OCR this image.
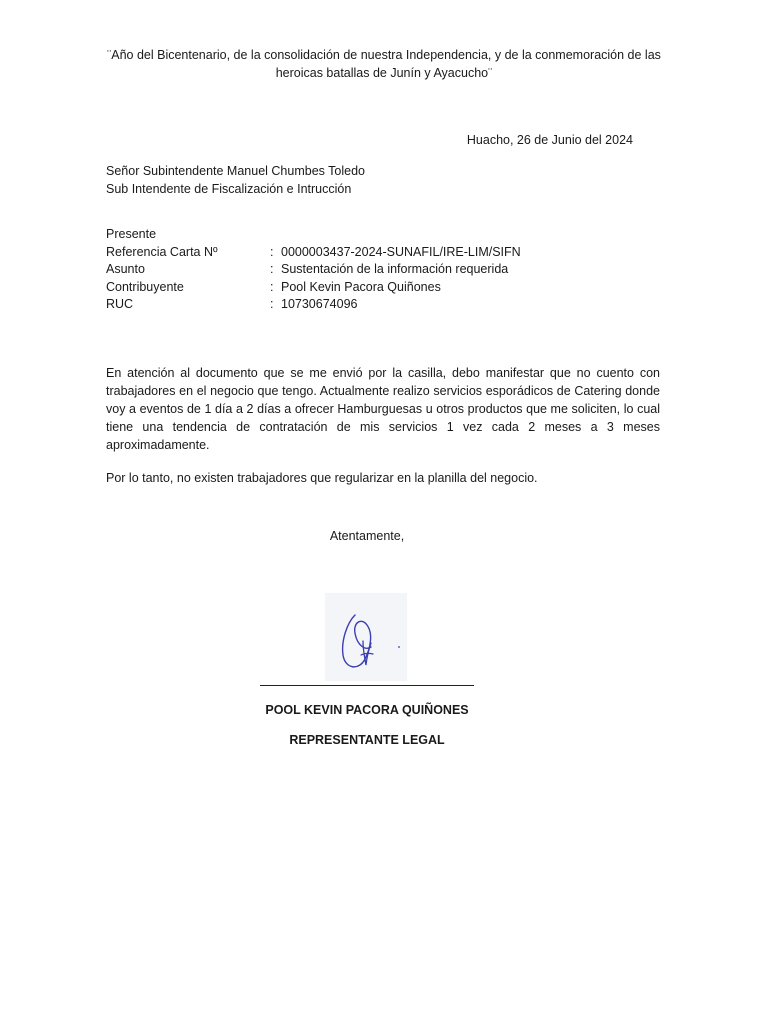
¨Año del Bicentenario, de la consolidación de nuestra Independencia, y de la conmemoración de las heroicas batallas de Junín y Ayacucho¨
Huacho, 26 de Junio del 2024
Señor Subintendente Manuel Chumbes Toledo
Sub Intendente de Fiscalización e Intrucción
Presente
Referencia Carta Nº	: 0000003437-2024-SUNAFIL/IRE-LIM/SIFN
Asunto	: Sustentación de la información requerida
Contribuyente	: Pool Kevin Pacora Quiñones
RUC	: 10730674096
En atención al documento que se me envió por la casilla, debo manifestar que no cuento con trabajadores en el negocio que tengo. Actualmente realizo servicios esporádicos de Catering donde voy a eventos de 1 día a 2 días a ofrecer Hamburguesas u otros productos que me soliciten, lo cual tiene una tendencia de contratación de mis servicios 1 vez cada 2 meses a 3 meses aproximadamente.
Por lo tanto, no existen trabajadores que regularizar en la planilla del negocio.
Atentamente,
POOL KEVIN PACORA QUIÑONES
REPRESENTANTE LEGAL
